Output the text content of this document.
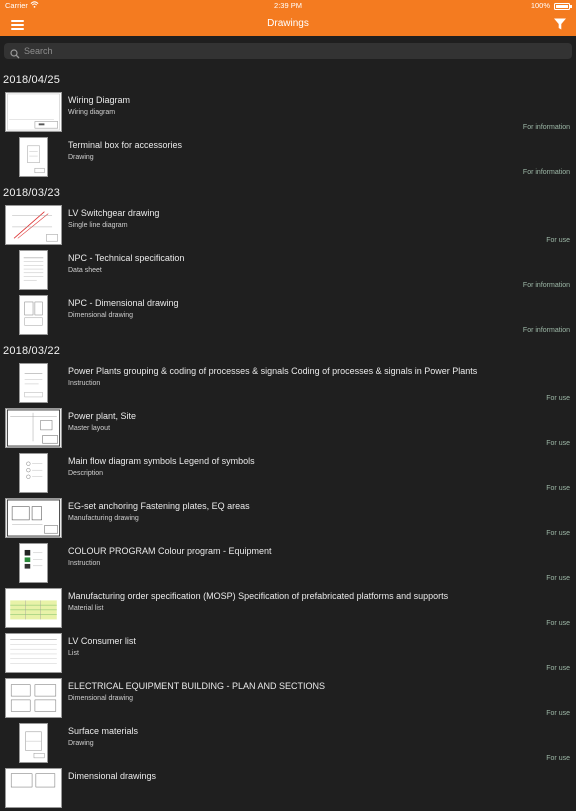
Carrier	2:39 PM	100%
Drawings
Search
2018/04/25
Wiring Diagram
Wiring diagram
For information
Terminal box for accessories
Drawing
For information
2018/03/23
LV Switchgear drawing
Single line diagram
For use
NPC - Technical specification
Data sheet
For information
NPC - Dimensional drawing
Dimensional drawing
For information
2018/03/22
Power Plants grouping & coding of processes & signals Coding of processes & signals in Power Plants
Instruction
For use
Power plant, Site
Master layout
For use
Main flow diagram symbols Legend of symbols
Description
For use
EG-set anchoring Fastening plates, EQ areas
Manufacturing drawing
For use
COLOUR PROGRAM Colour program - Equipment
Instruction
For use
Manufacturing order specification (MOSP) Specification of prefabricated platforms and supports
Material list
For use
LV Consumer list
List
For use
ELECTRICAL EQUIPMENT BUILDING - PLAN AND SECTIONS
Dimensional drawing
For use
Surface materials
Drawing
For use
Dimensional drawings
